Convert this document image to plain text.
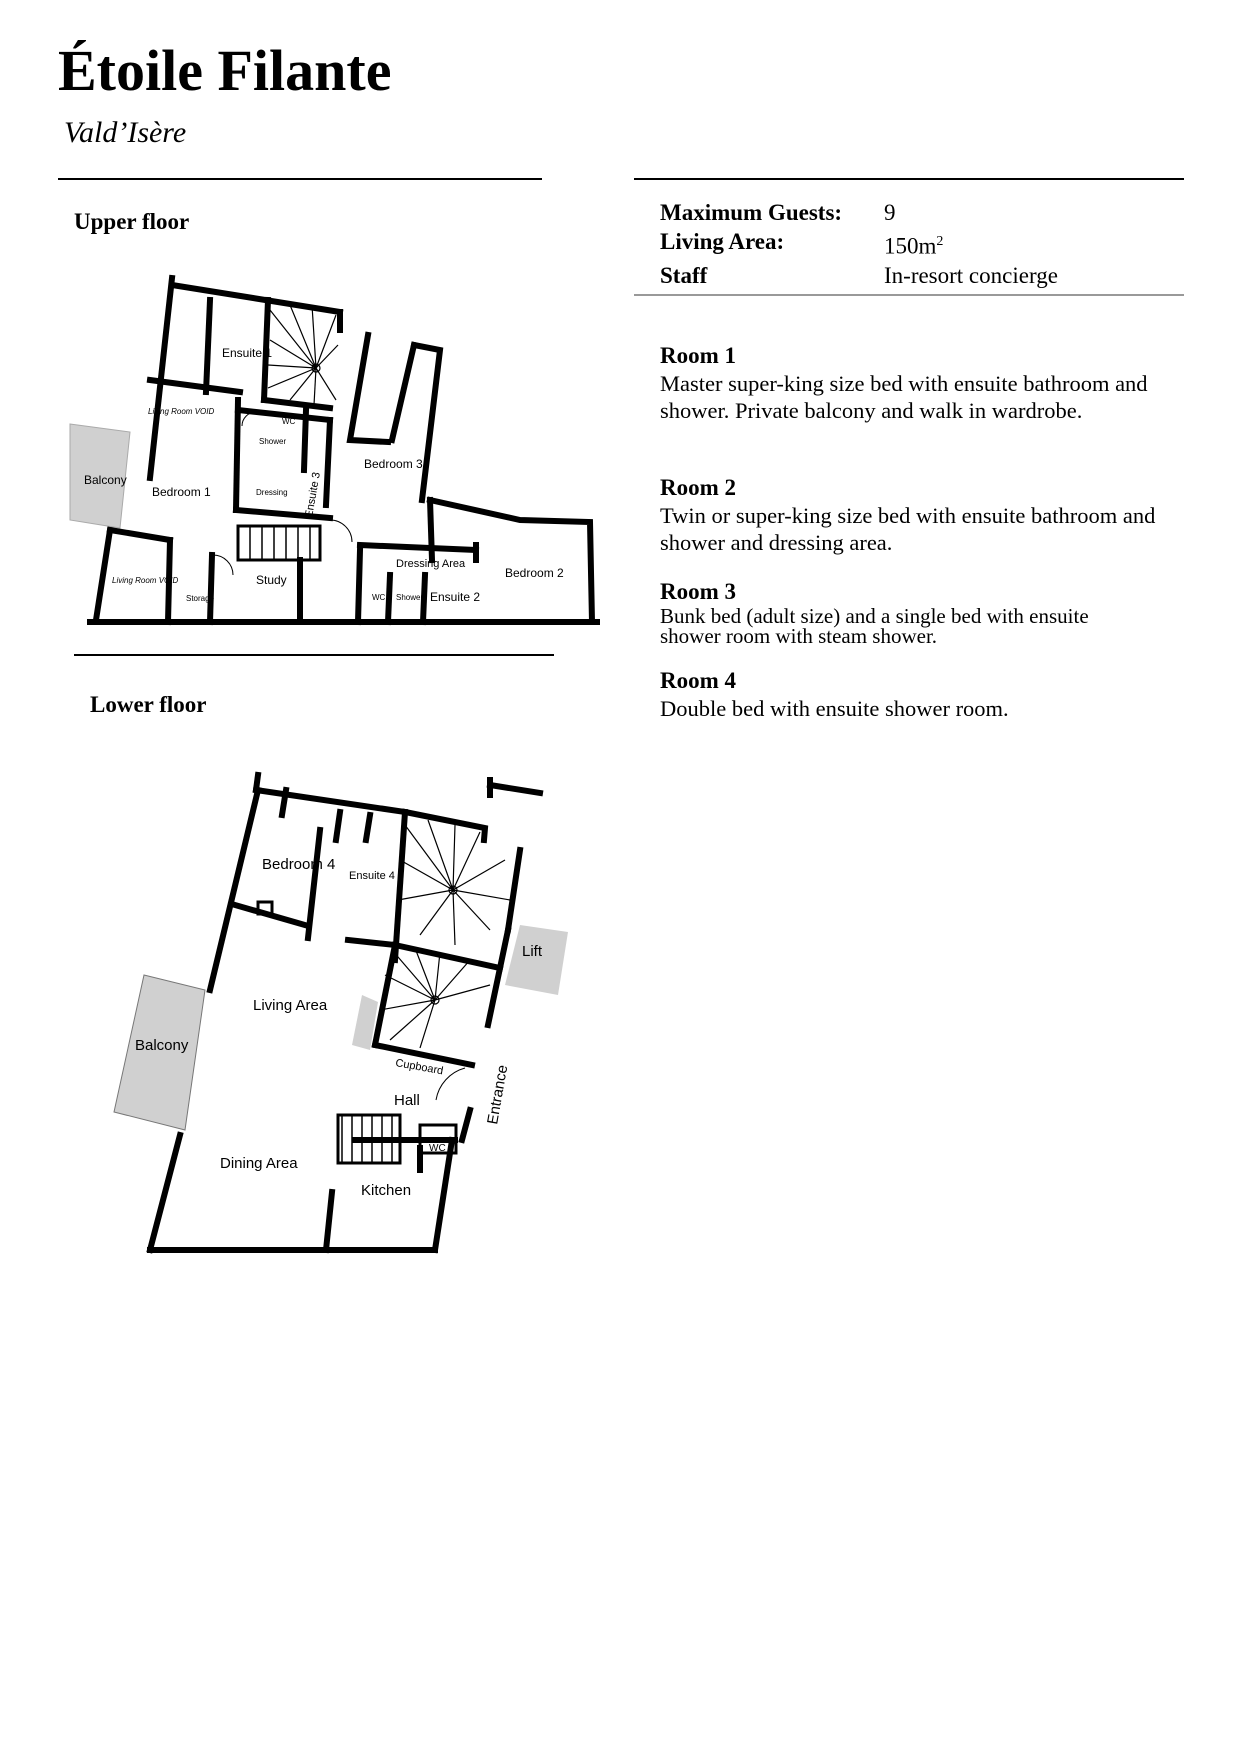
Étoile Filante
Vald’Isère
Upper floor
Ensuite 1
Living Room VOID
WC
Shower
Balcony
Bedroom 1	Dressing Ensuite 3
Bedroom 3
Living Room VOID
Storage
Study
Dressing Area
WC Shower Ensuite 2
Bedroom 2
Lower floor
Bedroom 4
Ensuite 4
Lift
Living Area
Balcony
Cupboard
Hall	Entrance
WC
Dining Area
Kitchen
Maximum Guests:	9
Living Area:	$150m^2$
Staff	In-resort concierge
Room 1
Master super-king size bed with ensuite bathroom and shower. Private balcony and walk in wardrobe.
Room 2
Twin or super-king size bed with ensuite bathroom and shower and dressing area.
Room 3
Bunk bed (adult size) and a single bed with ensuite shower room with steam shower.
Room 4
Double bed with ensuite shower room.
